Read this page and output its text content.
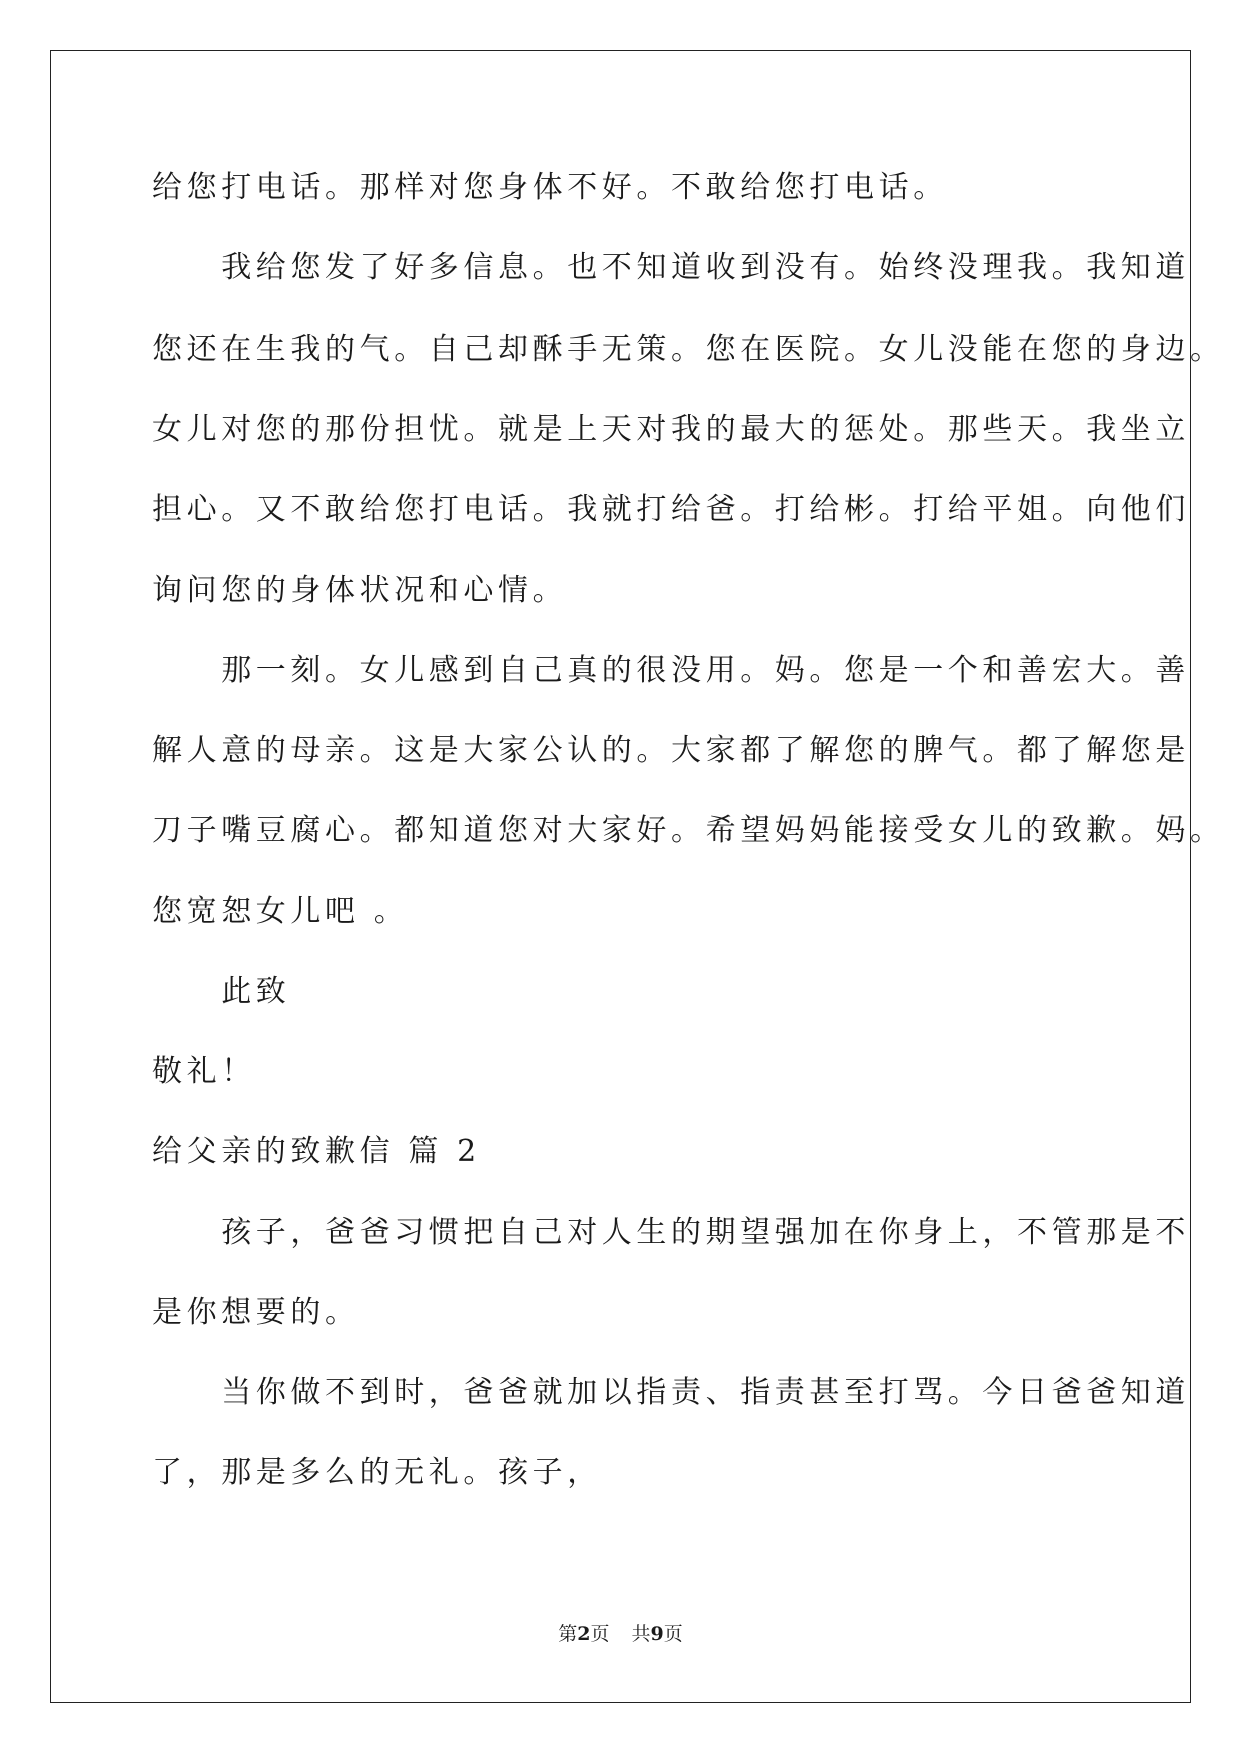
给您打电话。那样对您身体不好。不敢给您打电话。
　　我给您发了好多信息。也不知道收到没有。始终没理我。我知道
您还在生我的气。自己却酥手无策。您在医院。女儿没能在您的身边。
女儿对您的那份担忧。就是上天对我的最大的惩处。那些天。我坐立
担心。又不敢给您打电话。我就打给爸。打给彬。打给平姐。向他们
询问您的身体状况和心情。
　　那一刻。女儿感到自己真的很没用。妈。您是一个和善宏大。善
解人意的母亲。这是大家公认的。大家都了解您的脾气。都了解您是
刀子嘴豆腐心。都知道您对大家好。希望妈妈能接受女儿的致歉。妈。
您宽恕女儿吧 。
　　此致
敬礼！
给父亲的致歉信 篇 2
　　孩子，爸爸习惯把自己对人生的期望强加在你身上，不管那是不
是你想要的。
　　当你做不到时，爸爸就加以指责、指责甚至打骂。今日爸爸知道
了，那是多么的无礼。孩子，
第2页 共9页
